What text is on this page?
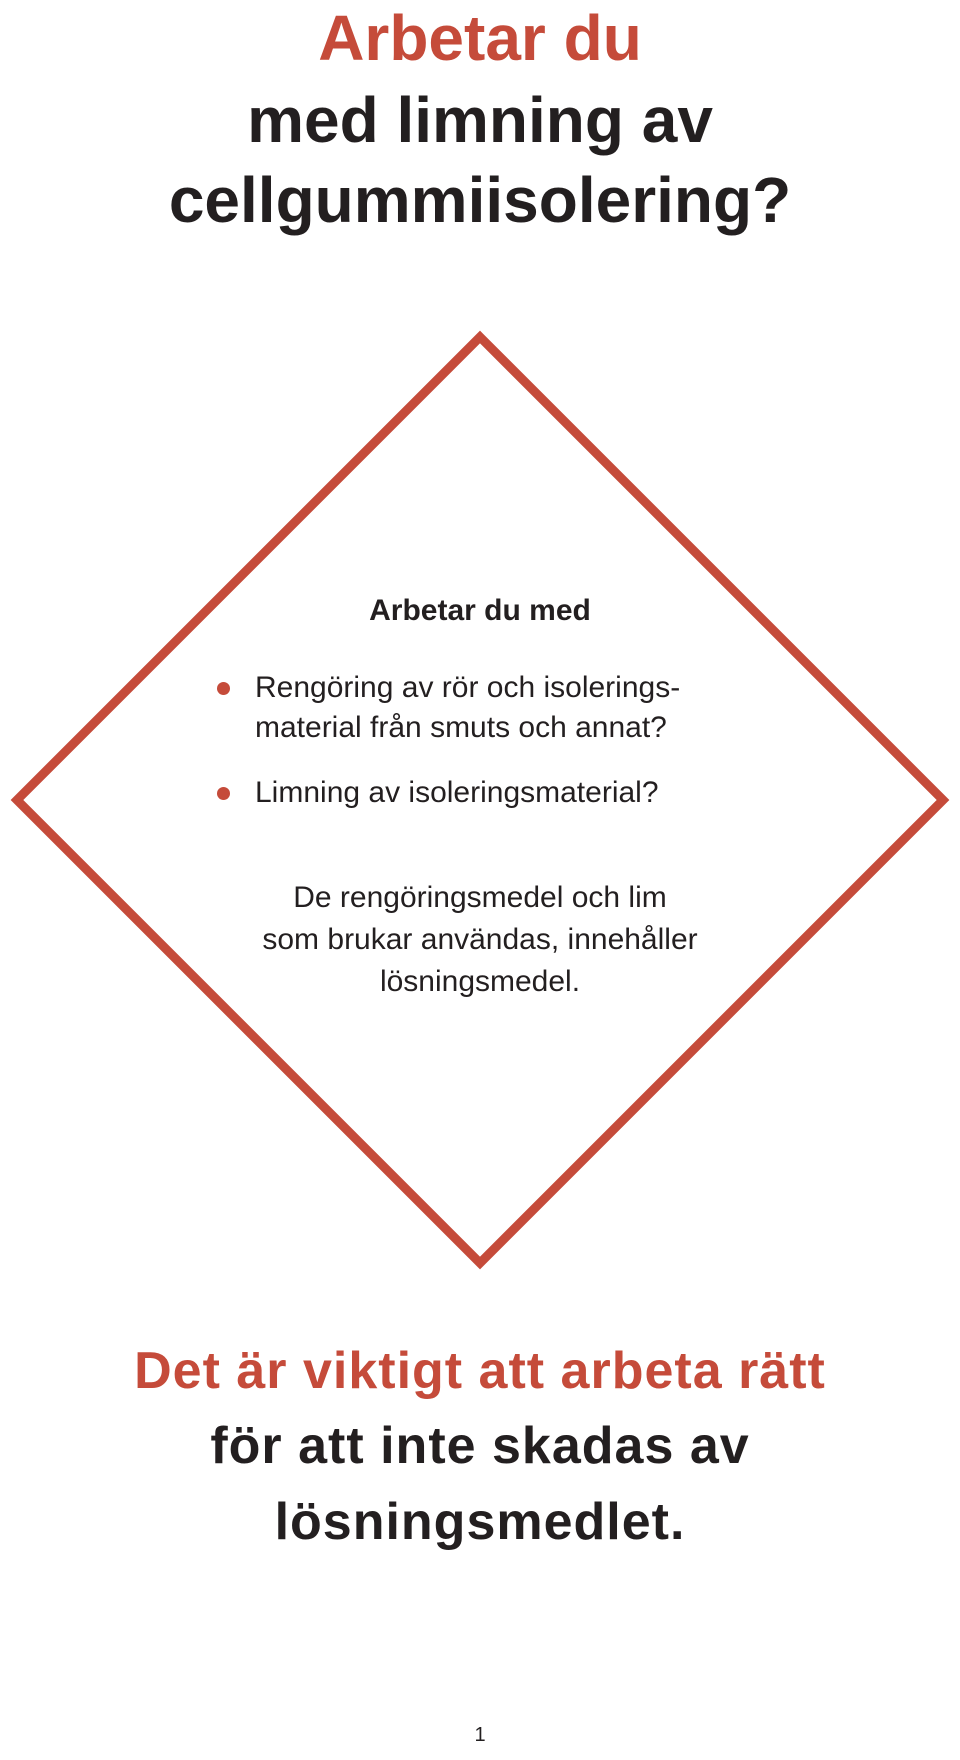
Arbetar du
med limning av
cellgummiisolering?
Arbetar du med
Rengöring av rör och isolerings-
material från smuts och annat?
Limning av isoleringsmaterial?
De rengöringsmedel och lim
som brukar användas, innehåller
lösningsmedel.
Det är viktigt att arbeta rätt
för att inte skadas av
lösningsmedlet.
1
